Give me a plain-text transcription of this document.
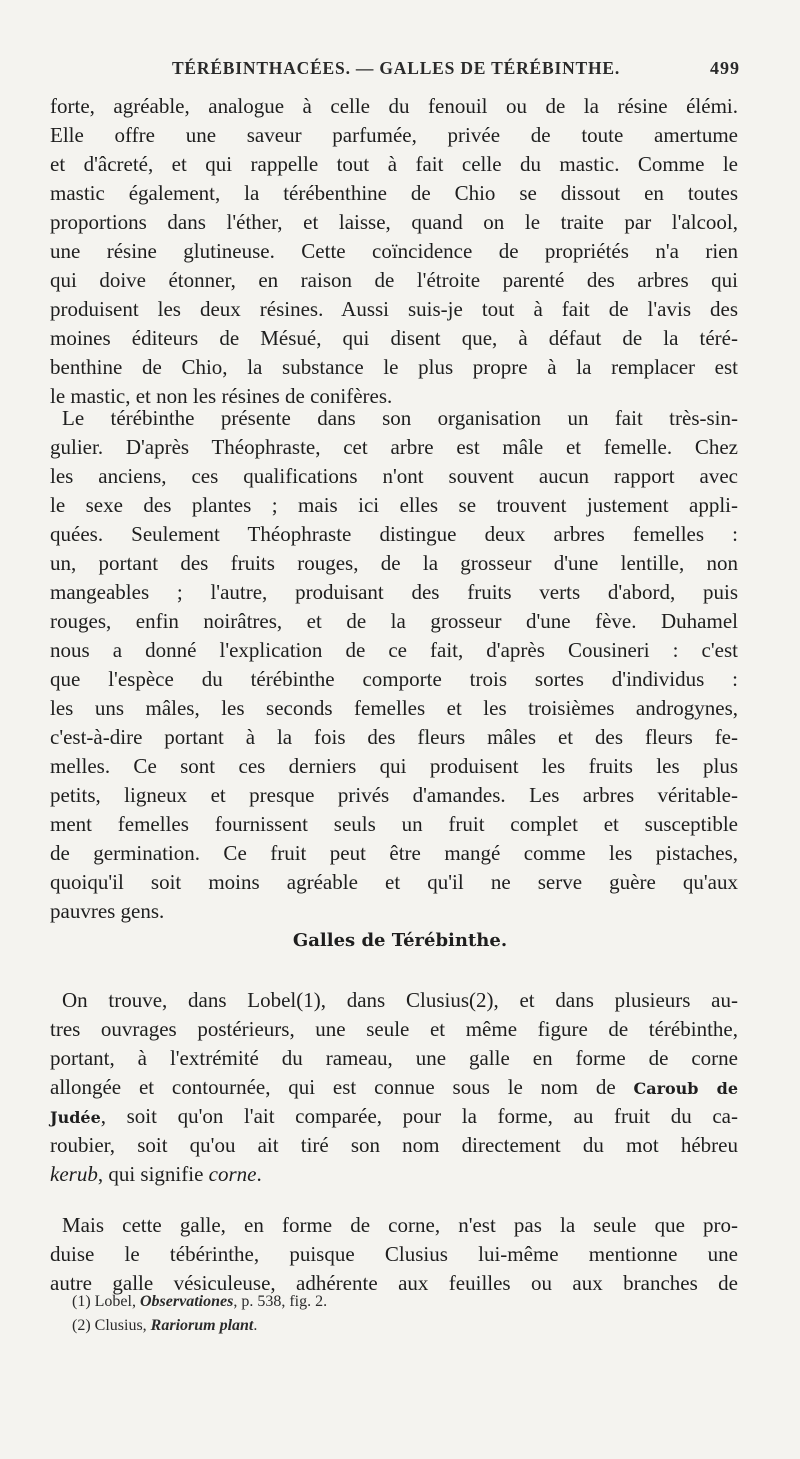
TÉRÉBINTHACÉES. — GALLES DE TÉRÉBINTHE.	499
forte, agréable, analogue à celle du fenouil ou de la résine élémi.
Elle offre une saveur parfumée, privée de toute amertume
et d'âcreté, et qui rappelle tout à fait celle du mastic. Comme le
mastic également, la térébenthine de Chio se dissout en toutes
proportions dans l'éther, et laisse, quand on le traite par l'alcool,
une résine glutineuse. Cette coïncidence de propriétés n'a rien
qui doive étonner, en raison de l'étroite parenté des arbres qui
produisent les deux résines. Aussi suis-je tout à fait de l'avis des
moines éditeurs de Mésué, qui disent que, à défaut de la téré-
benthine de Chio, la substance le plus propre à la remplacer est
le mastic, et non les résines de conifères.
Le térébinthe présente dans son organisation un fait très-sin-
gulier. D'après Théophraste, cet arbre est mâle et femelle. Chez
les anciens, ces qualifications n'ont souvent aucun rapport avec
le sexe des plantes ; mais ici elles se trouvent justement appli-
quées. Seulement Théophraste distingue deux arbres femelles :
un, portant des fruits rouges, de la grosseur d'une lentille, non
mangeables ; l'autre, produisant des fruits verts d'abord, puis
rouges, enfin noirâtres, et de la grosseur d'une fève. Duhamel
nous a donné l'explication de ce fait, d'après Cousineri : c'est
que l'espèce du térébinthe comporte trois sortes d'individus :
les uns mâles, les seconds femelles et les troisièmes androgynes,
c'est-à-dire portant à la fois des fleurs mâles et des fleurs fe-
melles. Ce sont ces derniers qui produisent les fruits les plus
petits, ligneux et presque privés d'amandes. Les arbres véritable-
ment femelles fournissent seuls un fruit complet et susceptible
de germination. Ce fruit peut être mangé comme les pistaches,
quoiqu'il soit moins agréable et qu'il ne serve guère qu'aux
pauvres gens.
Galles de Térébinthe.
On trouve, dans Lobel(1), dans Clusius(2), et dans plusieurs au-
tres ouvrages postérieurs, une seule et même figure de térébinthe,
portant, à l'extrémité du rameau, une galle en forme de corne
allongée et contournée, qui est connue sous le nom de Caroub de
Judée, soit qu'on l'ait comparée, pour la forme, au fruit du ca-
roubier, soit qu'ou ait tiré son nom directement du mot hébreu
kerub, qui signifie corne.
Mais cette galle, en forme de corne, n'est pas la seule que pro-
duise le tébérinthe, puisque Clusius lui-même mentionne une
autre galle vésiculeuse, adhérente aux feuilles ou aux branches de
(1) Lobel, Observationes, p. 538, fig. 2.
(2) Clusius, Rariorum plant.
